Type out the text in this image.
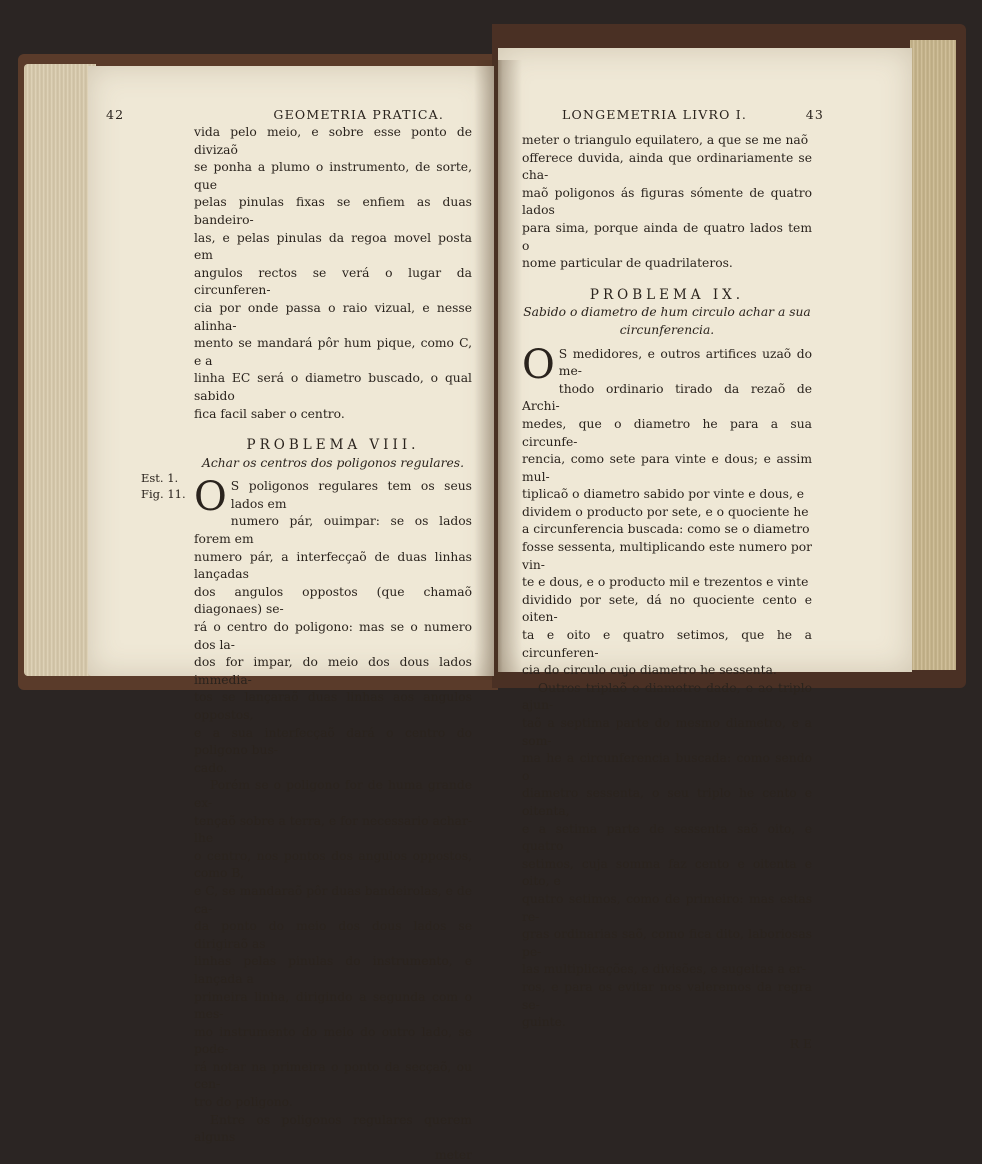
42	GEOMETRIA PRATICA.
vida pelo meio, e sobre esse ponto de divizaõ
se ponha a plumo o instrumento, de sorte, que
pelas pinulas fixas se enfiem as duas bandeiro-
las, e pelas pinulas da regoa movel posta em
angulos rectos se verá o lugar da circunferen-
cia por onde passa o raio vizual, e nesse alinha-
mento se mandará pôr hum pique, como C, e a
linha EC será o diametro buscado, o qual sabido
fica facil saber o centro.
PROBLEMA VIII.
Achar os centros dos poligonos regulares.
O S poligonos regulares tem os seus lados em
numero pár, ouimpar: se os lados forem em
numero pár, a interfecçaõ de duas linhas lançadas
dos angulos oppostos (que chamaõ diagonaes) se-
rá o centro do poligono: mas se o numero dos la-
dos for impar, do meio dos dous lados immedia-
tos se lançaraõ duas linhas aos angulos oppostos,
e a sua interfecçaõ dará o centro do poligono bus-
cado.
Porém se o poligono for de huma grande ex-
tençaõ sobre a terra, e for necessario achar-lhe
o centro, nos pontos dos angulos oppostos, como B,
e C, se mandaraõ pôr duas bandeirolas, e de ca-
da ponto do meio dos dous lados se dirigiraõ as
linhas pelas pinulas do instrumento, e lançada a
primeira linha, dirigindo a segunda com o mes-
mo instrumento do meio do outro lado, se pode-
rá notar na primeira o ponto da secçaõ, ou cen-
tro do poligono.
Entre os poligonos regulares querem alguns
meter
Est. 1.
Fig. 11.
LONGEMETRIA LIVRO I.	43
meter o triangulo equilatero, a que se me naõ
offerece duvida, ainda que ordinariamente se cha-
maõ poligonos ás figuras sómente de quatro lados
para sima, porque ainda de quatro lados tem o
nome particular de quadrilateros.
PROBLEMA IX.
Sabido o diametro de hum circulo achar a sua
circunferencia.
O S medidores, e outros artifices uzaõ do me-
thodo ordinario tirado da rezaõ de Archi-
medes, que o diametro he para a sua circunfe-
rencia, como sete para vinte e dous; e assim mul-
tiplicaõ o diametro sabido por vinte e dous, e
dividem o producto por sete, e o quociente he
a circunferencia buscada: como se o diametro
fosse sessenta, multiplicando este numero por vin-
te e dous, e o producto mil e trezentos e vinte
dividido por sete, dá no quociente cento e oiten-
ta e oito e quatro setimos, que he a circunferen-
cia do circulo cujo diametro he sessenta.
Outros triplaõ o diametro dado, e ao triplo ajun-
taõ a septima parte do mesmo diametro, e a som-
ma he a circunferencia buscada: como sendo o
diametro sessenta, o seu triplo he cento e oitenta,
e a setima parte de sessenta saõ oito, e quatro
setimos, cuja somma faz cento e oitenta e oito, e
quatro setimos, como de primeiro: mas estas re-
gras ordinarias saõ, como fica dito, laboriosas pe-
las multiplicações, e divisões, e sugeitas a er-
ros, e para os evitar nos valeremos da regra se-
guinte.
R E
